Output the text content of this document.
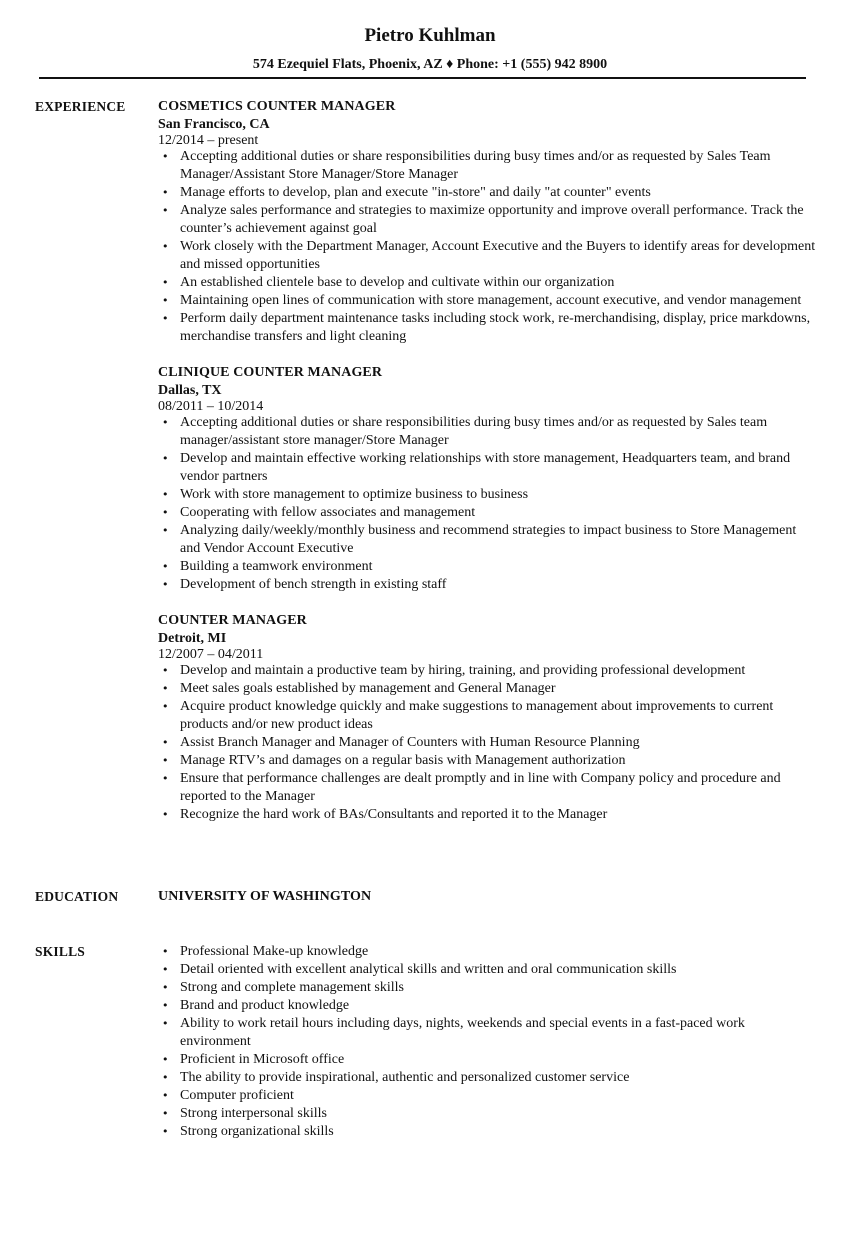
Pietro Kuhlman
574 Ezequiel Flats, Phoenix, AZ ♦ Phone: +1 (555) 942 8900
EXPERIENCE COSMETICS COUNTER MANAGER
San Francisco, CA
12/2014 – present
• Accepting additional duties or share responsibilities during busy times and/or as requested by Sales Team Manager/Assistant Store Manager/Store Manager
• Manage efforts to develop, plan and execute "in-store" and daily "at counter" events
• Analyze sales performance and strategies to maximize opportunity and improve overall performance. Track the counter’s achievement against goal
• Work closely with the Department Manager, Account Executive and the Buyers to identify areas for development and missed opportunities
• An established clientele base to develop and cultivate within our organization
• Maintaining open lines of communication with store management, account executive, and vendor management
• Perform daily department maintenance tasks including stock work, re-merchandising, display, price markdowns, merchandise transfers and light cleaning
CLINIQUE COUNTER MANAGER
Dallas, TX
08/2011 – 10/2014
• Accepting additional duties or share responsibilities during busy times and/or as requested by Sales team manager/assistant store manager/Store Manager
• Develop and maintain effective working relationships with store management, Headquarters team, and brand vendor partners
• Work with store management to optimize business to business
• Cooperating with fellow associates and management
• Analyzing daily/weekly/monthly business and recommend strategies to impact business to Store Management and Vendor Account Executive
• Building a teamwork environment
• Development of bench strength in existing staff
COUNTER MANAGER
Detroit, MI
12/2007 – 04/2011
• Develop and maintain a productive team by hiring, training, and providing professional development
• Meet sales goals established by management and General Manager
• Acquire product knowledge quickly and make suggestions to management about improvements to current products and/or new product ideas
• Assist Branch Manager and Manager of Counters with Human Resource Planning
• Manage RTV’s and damages on a regular basis with Management authorization
• Ensure that performance challenges are dealt promptly and in line with Company policy and procedure and reported to the Manager
• Recognize the hard work of BAs/Consultants and reported it to the Manager
EDUCATION	UNIVERSITY OF WASHINGTON
SKILLS
•	Professional Make-up knowledge
• Detail oriented with excellent analytical skills and written and oral communication skills
• Strong and complete management skills
• Brand and product knowledge
• Ability to work retail hours including days, nights, weekends and special events in a fast-paced work environment
• Proficient in Microsoft office
• The ability to provide inspirational, authentic and personalized customer service
• Computer proficient
• Strong interpersonal skills
• Strong organizational skills
